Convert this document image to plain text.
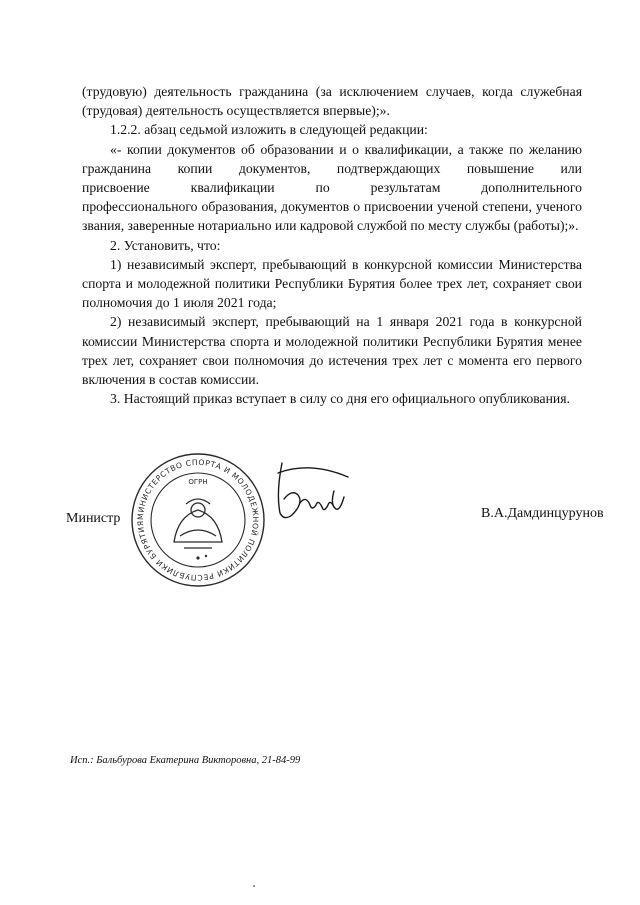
(трудовую) деятельность гражданина (за исключением случаев, когда служебная (трудовая) деятельность осуществляется впервые);».

1.2.2. абзац седьмой изложить в следующей редакции:

«- копии документов об образовании и о квалификации, а также по желанию гражданина копии документов, подтверждающих повышение или

присвоение квалификации по результатам дополнительного

профессионального образования, документов о присвоении ученой степени, ученого звания, заверенные нотариально или кадровой службой по месту службы (работы);».

2. Установить, что:

1) независимый эксперт, пребывающий в конкурсной комиссии Министерства спорта и молодежной политики Республики Бурятия более трех лет, сохраняет свои полномочия до 1 июля 2021 года;

2) независимый эксперт, пребывающий на 1 января 2021 года в конкурсной комиссии Министерства спорта и молодежной политики Республики Бурятия менее трех лет, сохраняет свои полномочия до истечения трех лет с момента его первого включения в состав комиссии.

3. Настоящий приказ вступает в силу со дня его официального опубликования.

Министр МИНИСТЕРСТВО СПОРТА И МОЛОДЕЖНОЙ ПОЛИТИКИ РЕСПУБЛИКИ БУРЯТИЯ
ОГРН
В.А.Дамдинцурунов
Исп.: Бальбурова Екатерина Викторовна, 21-84-99
